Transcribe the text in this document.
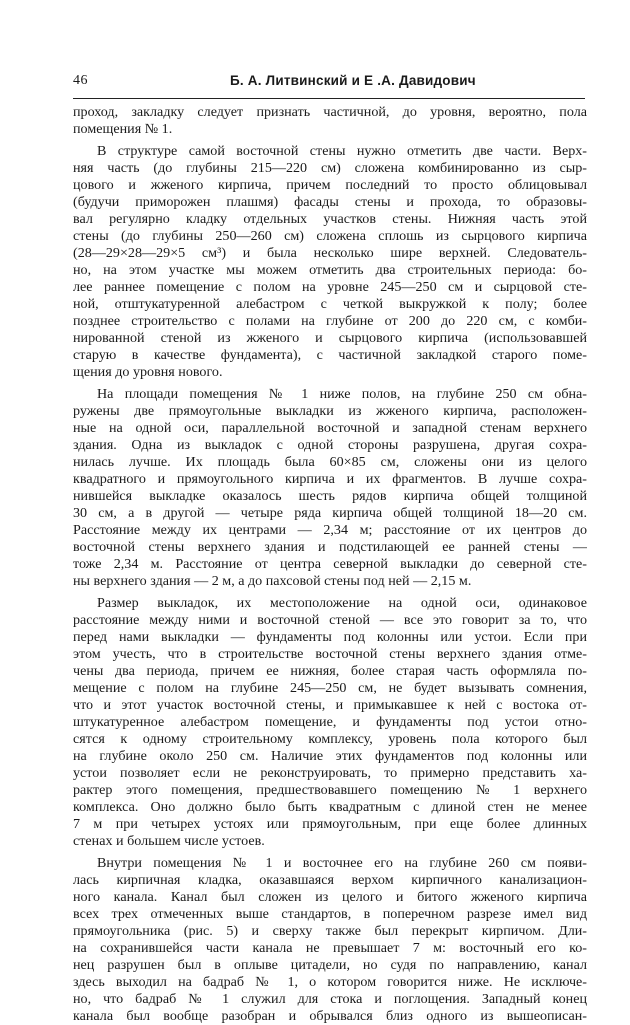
46	Б. А. Литвинский и Е .А. Давидович
проход, закладку следует признать частичной, до уровня, вероятно, пола
помещения № 1.
В структуре самой восточной стены нужно отметить две части. Верх-
няя часть (до глубины 215—220 см) сложена комбинированно из сыр-
цового и жженого кирпича, причем последний то просто облицовывал
(будучи приморожен плашмя) фасады стены и прохода, то образовы-
вал регулярно кладку отдельных участков стены. Нижняя часть этой
стены (до глубины 250—260 см) сложена сплошь из сырцового кирпича
(28—29×28—29×5 см³) и была несколько шире верхней. Следователь-
но, на этом участке мы можем отметить два строительных периода: бо-
лее раннее помещение с полом на уровне 245—250 см и сырцовой сте-
ной, отштукатуренной алебастром с четкой выкружкой к полу; более
позднее строительство с полами на глубине от 200 до 220 см, с комби-
нированной стеной из жженого и сырцового кирпича (использовавшей
старую в качестве фундамента), с частичной закладкой старого поме-
щения до уровня нового.
На площади помещения № 1 ниже полов, на глубине 250 см обна-
ружены две прямоугольные выкладки из жженого кирпича, расположен-
ные на одной оси, параллельной восточной и западной стенам верхнего
здания. Одна из выкладок с одной стороны разрушена, другая сохра-
нилась лучше. Их площадь была 60×85 см, сложены они из целого
квадратного и прямоугольного кирпича и их фрагментов. В лучше сохра-
нившейся выкладке оказалось шесть рядов кирпича общей толщиной
30 см, а в другой — четыре ряда кирпича общей толщиной 18—20 см.
Расстояние между их центрами — 2,34 м; расстояние от их центров до
восточной стены верхнего здания и подстилающей ее ранней стены —
тоже 2,34 м. Расстояние от центра северной выкладки до северной сте-
ны верхнего здания — 2 м, а до пахсовой стены под ней — 2,15 м.
Размер выкладок, их местоположение на одной оси, одинаковое
расстояние между ними и восточной стеной — все это говорит за то, что
перед нами выкладки — фундаменты под колонны или устои. Если при
этом учесть, что в строительстве восточной стены верхнего здания отме-
чены два периода, причем ее нижняя, более старая часть оформляла по-
мещение с полом на глубине 245—250 см, не будет вызывать сомнения,
что и этот участок восточной стены, и примыкавшее к ней с востока от-
штукатуренное алебастром помещение, и фундаменты под устои отно-
сятся к одному строительному комплексу, уровень пола которого был
на глубине около 250 см. Наличие этих фундаментов под колонны или
устои позволяет если не реконструировать, то примерно представить ха-
рактер этого помещения, предшествовавшего помещению № 1 верхнего
комплекса. Оно должно было быть квадратным с длиной стен не менее
7 м при четырех устоях или прямоугольным, при еще более длинных
стенах и большем числе устоев.
Внутри помещения № 1 и восточнее его на глубине 260 см появи-
лась кирпичная кладка, оказавшаяся верхом кирпичного канализацион-
ного канала. Канал был сложен из целого и битого жженого кирпича
всех трех отмеченных выше стандартов, в поперечном разрезе имел вид
прямоугольника (рис. 5) и сверху также был перекрыт кирпичом. Дли-
на сохранившейся части канала не превышает 7 м: восточный его ко-
нец разрушен был в оплыве цитадели, но судя по направлению, канал
здесь выходил на бадраб № 1, о котором говорится ниже. Не исключе-
но, что бадраб № 1 служил для стока и поглощения. Западный конец
канала был вообще разобран и обрывался близ одного из вышеописан-
